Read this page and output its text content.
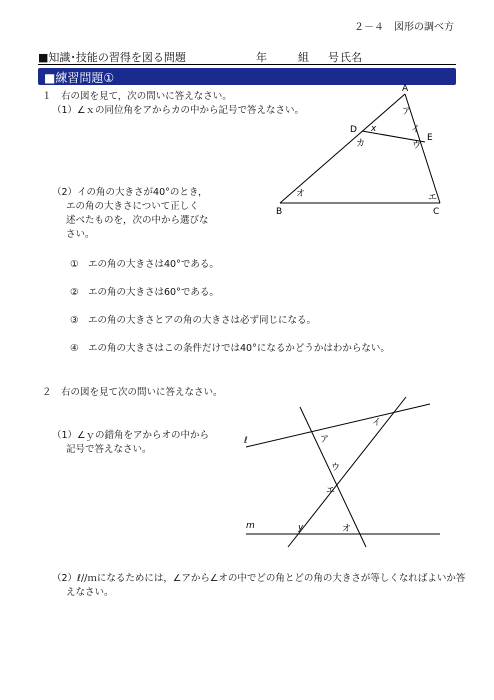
２－４　図形の調べ方
■知識･技能の習得を図る問題	年	組 号 氏名
■練習問題①
１　右の図を見て，次の問いに答えなさい。
（1）∠ｘの同位角をアからカの中から記号で答えなさい。
（2）イの角の大きさが40°のとき，
エの角の大きさについて正しく
述べたものを，次の中から選びな
さい。
①　エの角の大きさは40°である。
②　エの角の大きさは60°である。
③　エの角の大きさとアの角の大きさは必ず同じになる。
④　エの角の大きさはこの条件だけでは40°になるかどうかはわからない。
A
B	C
D
E
x
ア
イ
ウ
エ
オ
カ
２　右の図を見て次の問いに答えなさい。
（1）∠ｙの錯角をアからオの中から
記号で答えなさい。
ℓ
m
ア
イ
ウ
エ
オ
y
（2）ℓ//ｍになるためには，∠アから∠オの中でどの角とどの角の大きさが等しくなればよいか答
えなさい。
